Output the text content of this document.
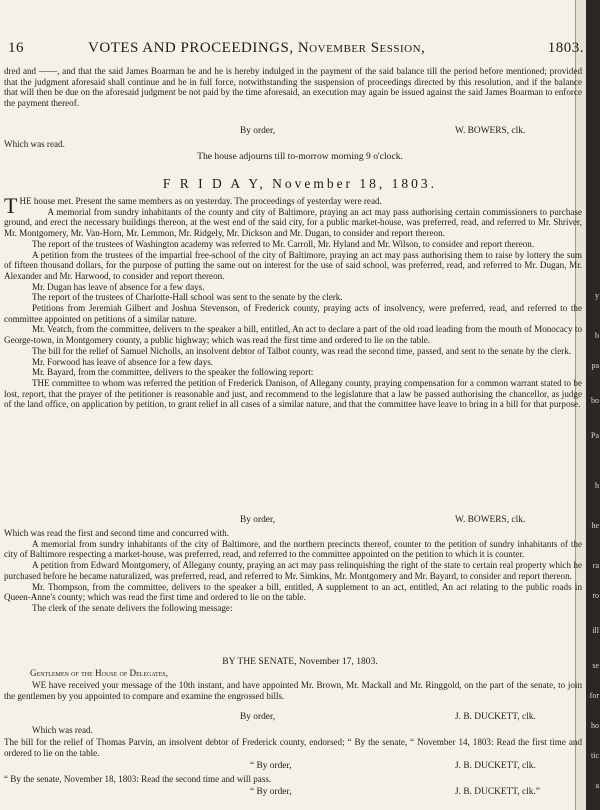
16	VOTES AND PROCEEDINGS, November Session,	1803.
dred and ——, and that the said James Boarman be and he is hereby indulged in the payment of the said balance till the period before mentioned; provided that the judgment aforesaid shall continue and be in full force, notwithstanding the suspension of proceedings directed by this resolution, and if the balance that will then be due on the aforesaid judgment be not paid by the time aforesaid, an execution may again be issued against the said James Boarman to enforce the payment thereof.
By order,	W. BOWERS, clk.
Which was read.
The house adjourns till to-morrow morning 9 o'clock.
F R I D A Y, November 18, 1803.
THE house met. Present the same members as on yesterday. The proceedings of yesterday were read.
A memorial from sundry inhabitants of the county and city of Baltimore, praying an act may pass authorising certain commissioners to purchase ground, and erect the necessary buildings thereon, at the west end of the said city, for a public market-house, was preferred, read, and referred to Mr. Shriver, Mr. Montgomery, Mr. Van-Horn, Mr. Lemmon, Mr. Ridgely, Mr. Dickson and Mr. Dugan, to consider and report thereon.
The report of the trustees of Washington academy was referred to Mr. Carroll, Mr. Hyland and Mr. Wilson, to consider and report thereon.
A petition from the trustees of the impartial free-school of the city of Baltimore, praying an act may pass authorising them to raise by lottery the sum of fifteen thousand dollars, for the purpose of putting the same out on interest for the use of said school, was preferred, read, and referred to Mr. Dugan, Mr. Alexander and Mr. Harwood, to consider and report thereon.
Mr. Dugan has leave of absence for a few days.
The report of the trustees of Charlotte-Hall school was sent to the senate by the clerk.
Petitions from Jeremiah Gilbert and Joshua Stevenson, of Frederick county, praying acts of insolvency, were preferred, read, and referred to the committee appointed on petitions of a similar nature.
Mr. Veatch, from the committee, delivers to the speaker a bill, entitled, An act to declare a part of the old road leading from the mouth of Monocacy to George-town, in Montgomery county, a public highway; which was read the first time and ordered to lie on the table.
The bill for the relief of Samuel Nicholls, an insolvent debtor of Talbot county, was read the second time, passed, and sent to the senate by the clerk.
Mr. Forwood has leave of absence for a few days.
Mr. Bayard, from the committee, delivers to the speaker the following report:
THE committee to whom was referred the petition of Frederick Danison, of Allegany county, praying compensation for a common warrant stated to be lost, report, that the prayer of the petitioner is reasonable and just, and recommend to the legislature that a law be passed authorising the chancellor, as judge of the land office, on application by petition, to grant relief in all cases of a similar nature, and that the committee have leave to bring in a bill for that purpose.
By order,	W. BOWERS, clk.
Which was read the first and second time and concurred with.
A memorial from sundry inhabitants of the city of Baltimore, and the northern precincts thereof, counter to the petition of sundry inhabitants of the city of Baltimore respecting a market-house, was preferred, read, and referred to the committee appointed on the petition to which it is counter.
A petition from Edward Montgomery, of Allegany county, praying an act may pass relinquishing the right of the state to certain real property which he purchased before he became naturalized, was preferred, read, and referred to Mr. Simkins, Mr. Montgomery and Mr. Bayard, to consider and report thereon.
Mr. Thompson, from the committee, delivers to the speaker a bill, entitled, A supplement to an act, entitled, An act relating to the public roads in Queen-Anne's county; which was read the first time and ordered to lie on the table.
The clerk of the senate delivers the following message:
BY THE SENATE, November 17, 1803.
Gentlemen of the House of Delegates,
WE have received your message of the 10th instant, and have appointed Mr. Brown, Mr. Mackall and Mr. Ringgold, on the part of the senate, to join the gentlemen by you appointed to compare and examine the engrossed bills.
By order,	J. B. DUCKETT, clk.
Which was read.
The bill for the relief of Thomas Parvin, an insolvent debtor of Frederick county, endorsed; “ By the senate, “ November 14, 1803: Read the first time and ordered to lie on the table.
“ By order,	J. B. DUCKETT, clk.
“ By the senate, November 18, 1803: Read the second time and will pass.
“ By order,	J. B. DUCKETT, clk.”
y
b
pa
bo
Pa
h
he
ra
ro
ill
se
for
ho
tic
a
